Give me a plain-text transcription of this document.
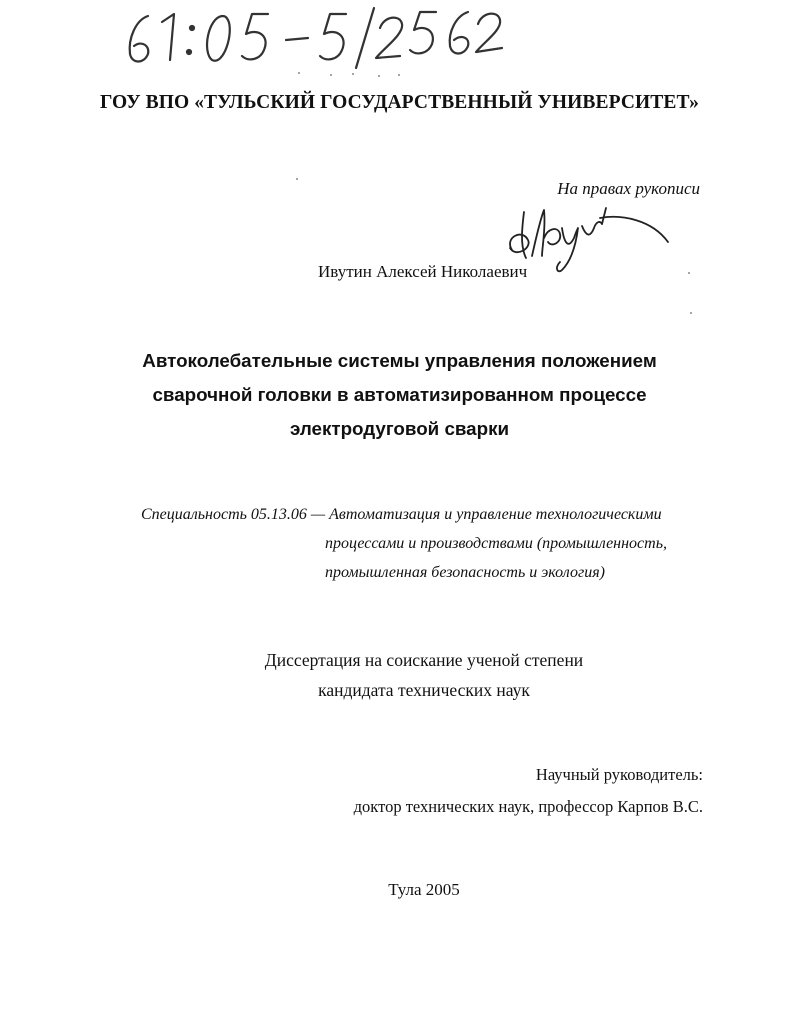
ГОУ ВПО «ТУЛЬСКИЙ ГОСУДАРСТВЕННЫЙ УНИВЕРСИТЕТ»
На правах рукописи
Ивутин Алексей Николаевич
Автоколебательные системы управления положением
сварочной головки в автоматизированном процессе
электродуговой сварки
Специальность 05.13.06 — Автоматизация и управление технологическими
процессами и производствами (промышленность,
промышленная безопасность и экология)
Диссертация на соискание ученой степени
кандидата технических наук
Научный руководитель:
доктор технических наук, профессор Карпов В.С.
Тула 2005
